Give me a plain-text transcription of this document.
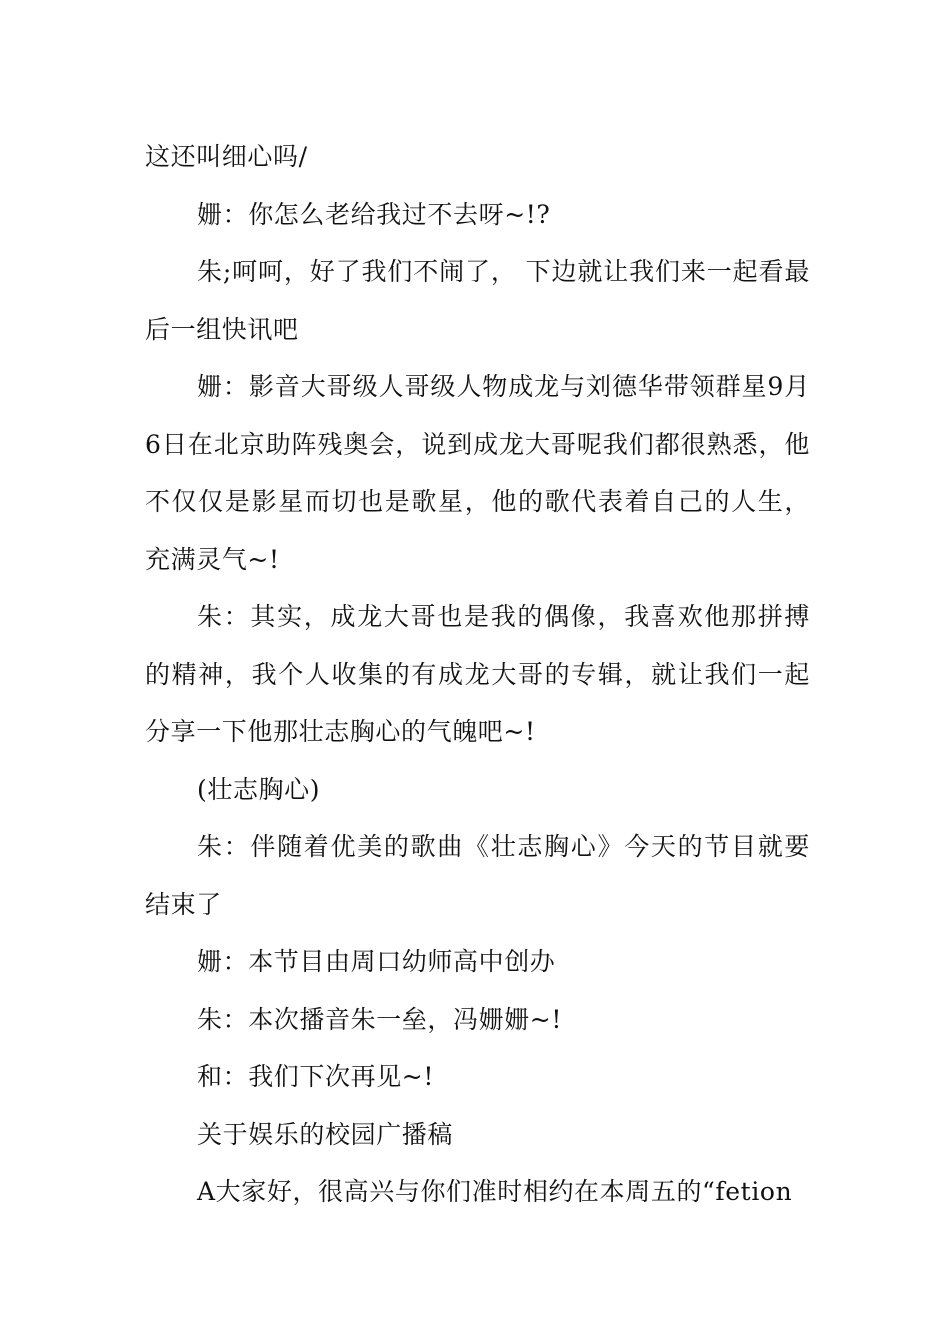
这还叫细心吗/

姗：你怎么老给我过不去呀~!?

朱;呵呵，好了我们不闹了， 下边就让我们来一起看最后一组快讯吧

姗：影音大哥级人哥级人物成龙与刘德华带领群星9月6日在北京助阵残奥会，说到成龙大哥呢我们都很熟悉，他不仅仅是影星而切也是歌星，他的歌代表着自己的人生，充满灵气~!

朱：其实，成龙大哥也是我的偶像，我喜欢他那拼搏的精神，我个人收集的有成龙大哥的专辑，就让我们一起分享一下他那壮志胸心的气魄吧~!

(壮志胸心)

朱：伴随着优美的歌曲《壮志胸心》今天的节目就要结束了

姗：本节目由周口幼师高中创办

朱：本次播音朱一垒，冯姗姗~!

和：我们下次再见~!

关于娱乐的校园广播稿

A大家好，很高兴与你们准时相约在本周五的“fetion
